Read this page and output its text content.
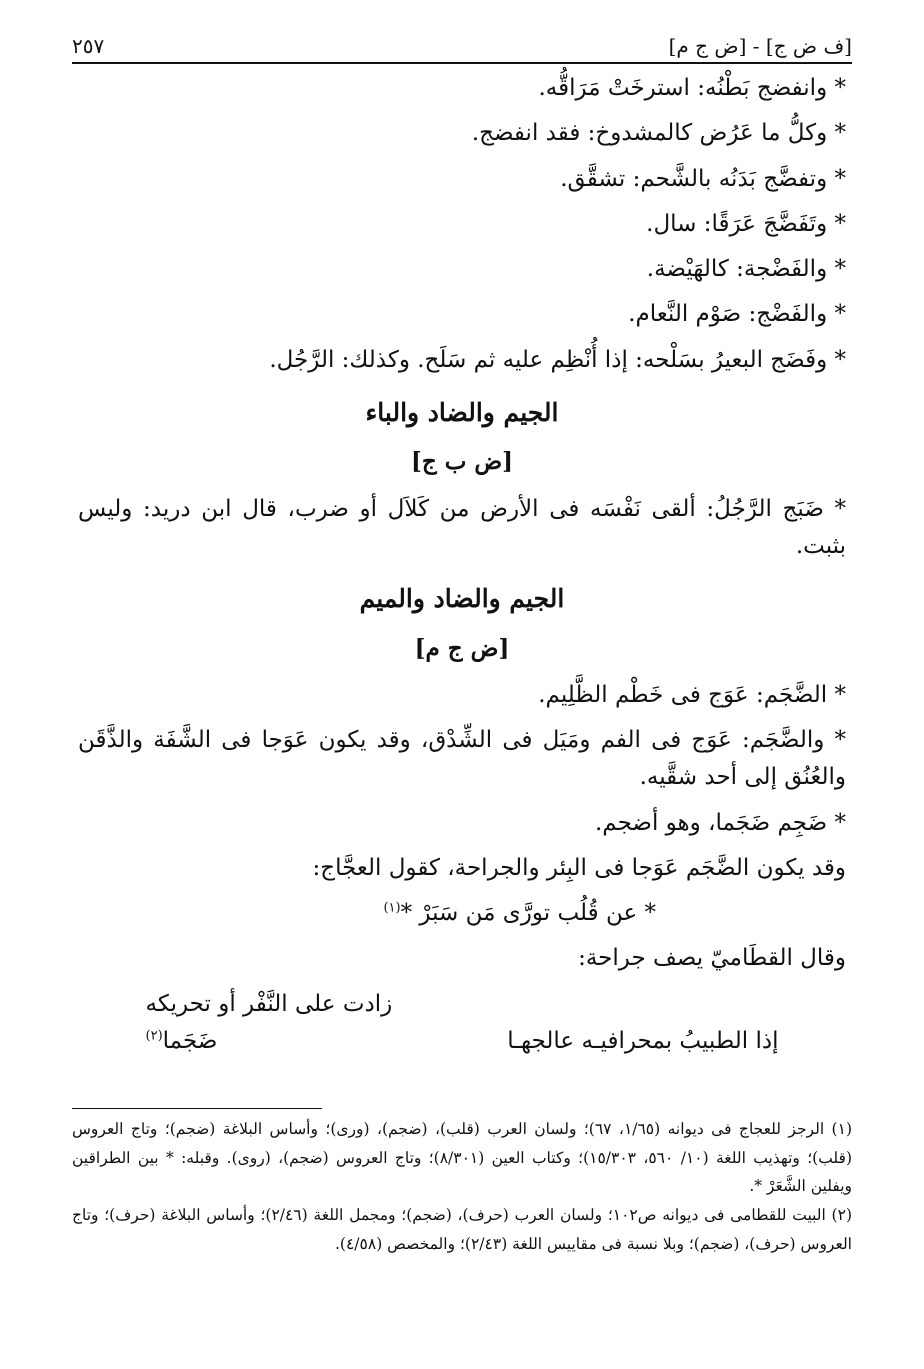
[ف ض ج] - [ض ج م]
٢٥٧

* وانفضج بَطْنُه: استرخَتْ مَرَاقُّه.

* وكلُّ ما عَرُض كالمشدوخ: فقد انفضج.

* وتفضَّج بَدَنُه بالشَّحم: تشقَّق.

* وتَفَضَّجَ عَرَقًا: سال.

* والفَضْجة: كالهَيْضة.

* والفَضْج: صَوْم النَّعام.

* وفَضَج البعيرُ بسَلْحه: إذا أُنْظِم عليه ثم سَلَح. وكذلك: الرَّجُل.

الجيم والضاد والباء
[ض ب ج]

* ضَبَج الرَّجُلُ: ألقى نَفْسَه فى الأرض من كَلاَل أو ضرب، قال ابن دريد: وليس بثبت.

الجيم والضاد والميم
[ض ج م]

* الضَّجَم: عَوَج فى خَطْم الظَّلِيم.

* والضَّجَم: عَوَج فى الفم ومَيَل فى الشِّدْق، وقد يكون عَوَجا فى الشَّفَة والذَّقَن والعُنُق إلى أحد شقَّيه.

* ضَجِم ضَجَما، وهو أضجم.

وقد يكون الضَّجَم عَوَجا فى البِئر والجراحة، كقول العجَّاج:

* عن قُلُب تورَّى مَن سَبَرْ *$^{(١)}$

وقال القطَاميّ يصف جراحة:

إذا الطبيبُ بمحرافيـه عالجهـازادت على النَّفْر أو تحريكه ضَجَما$^{(٢)}$

(١) الرجز للعجاج فى ديوانه (١/٦٥، ٦٧)؛ ولسان العرب (قلب)، (ضجم)، (ورى)؛ وأساس البلاغة (ضجم)؛ وتاج العروس (قلب)؛ وتهذيب اللغة (١٠/ ٥٦٠، ١٥/٣٠٣)؛ وكتاب العين (٨/٣٠١)؛ وتاج العروس (ضجم)، (روى). وقبله: * بين الطراقين ويفلين الشَّعَرْ *.

(٢) البيت للقطامى فى ديوانه ص١٠٢؛ ولسان العرب (حرف)، (ضجم)؛ ومجمل اللغة (٢/٤٦)؛ وأساس البلاغة (حرف)؛ وتاج العروس (حرف)، (ضجم)؛ وبلا نسبة فى مقاييس اللغة (٢/٤٣)؛ والمخصص (٤/٥٨).
